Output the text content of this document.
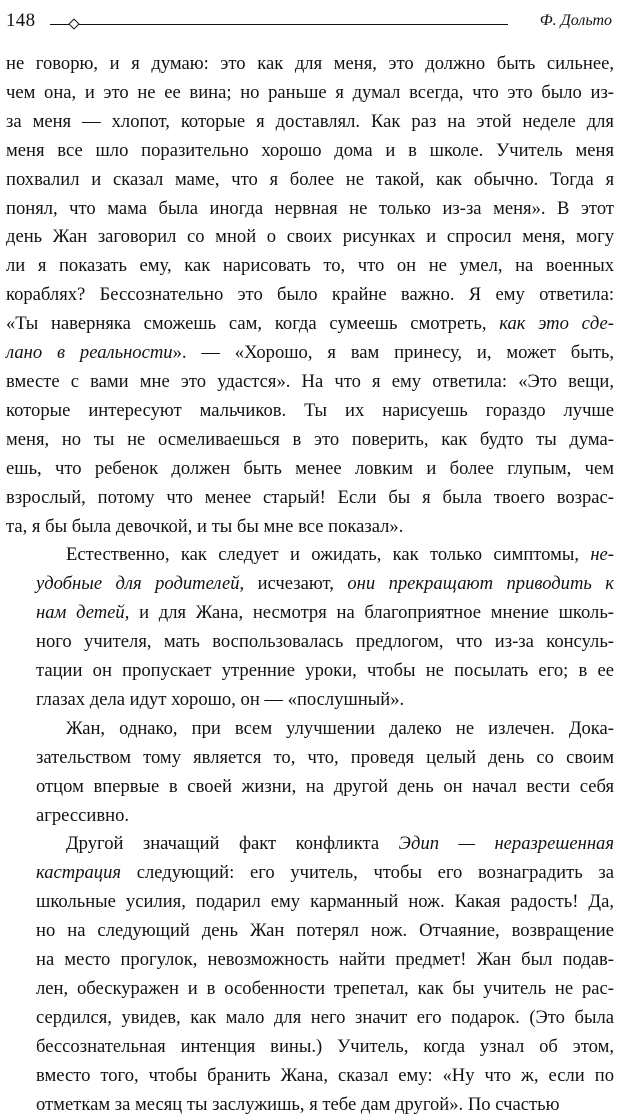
148	Ф. Дольто
не говорю, и я думаю: это как для меня, это должно быть сильнее,
чем она, и это не ее вина; но раньше я думал всегда, что это было из-
за меня — хлопот, которые я доставлял. Как раз на этой неделе для
меня все шло поразительно хорошо дома и в школе. Учитель меня
похвалил и сказал маме, что я более не такой, как обычно. Тогда я
понял, что мама была иногда нервная не только из-за меня». В этот
день Жан заговорил со мной о своих рисунках и спросил меня, могу
ли я показать ему, как нарисовать то, что он не умел, на военных
кораблях? Бессознательно это было крайне важно. Я ему ответила:
«Ты наверняка сможешь сам, когда сумеешь смотреть, как это сде-
лано в реальности». — «Хорошо, я вам принесу, и, может быть,
вместе с вами мне это удастся». На что я ему ответила: «Это вещи,
которые интересуют мальчиков. Ты их нарисуешь гораздо лучше
меня, но ты не осмеливаешься в это поверить, как будто ты дума-
ешь, что ребенок должен быть менее ловким и более глупым, чем
взрослый, потому что менее старый! Если бы я была твоего возрас-
та, я бы была девочкой, и ты бы мне все показал».
Естественно, как следует и ожидать, как только симптомы, не-
удобные для родителей, исчезают, они прекращают приводить к
нам детей, и для Жана, несмотря на благоприятное мнение школь-
ного учителя, мать воспользовалась предлогом, что из-за консуль-
тации он пропускает утренние уроки, чтобы не посылать его; в ее
глазах дела идут хорошо, он — «послушный».
Жан, однако, при всем улучшении далеко не излечен. Дока-
зательством тому является то, что, проведя целый день со своим
отцом впервые в своей жизни, на другой день он начал вести себя
агрессивно.
Другой значащий факт конфликта Эдип — неразрешенная
кастрация следующий: его учитель, чтобы его вознаградить за
школьные усилия, подарил ему карманный нож. Какая радость! Да,
но на следующий день Жан потерял нож. Отчаяние, возвращение
на место прогулок, невозможность найти предмет! Жан был подав-
лен, обескуражен и в особенности трепетал, как бы учитель не рас-
сердился, увидев, как мало для него значит его подарок. (Это была
бессознательная интенция вины.) Учитель, когда узнал об этом,
вместо того, чтобы бранить Жана, сказал ему: «Ну что ж, если по
отметкам за месяц ты заслужишь, я тебе дам другой». По счастью
